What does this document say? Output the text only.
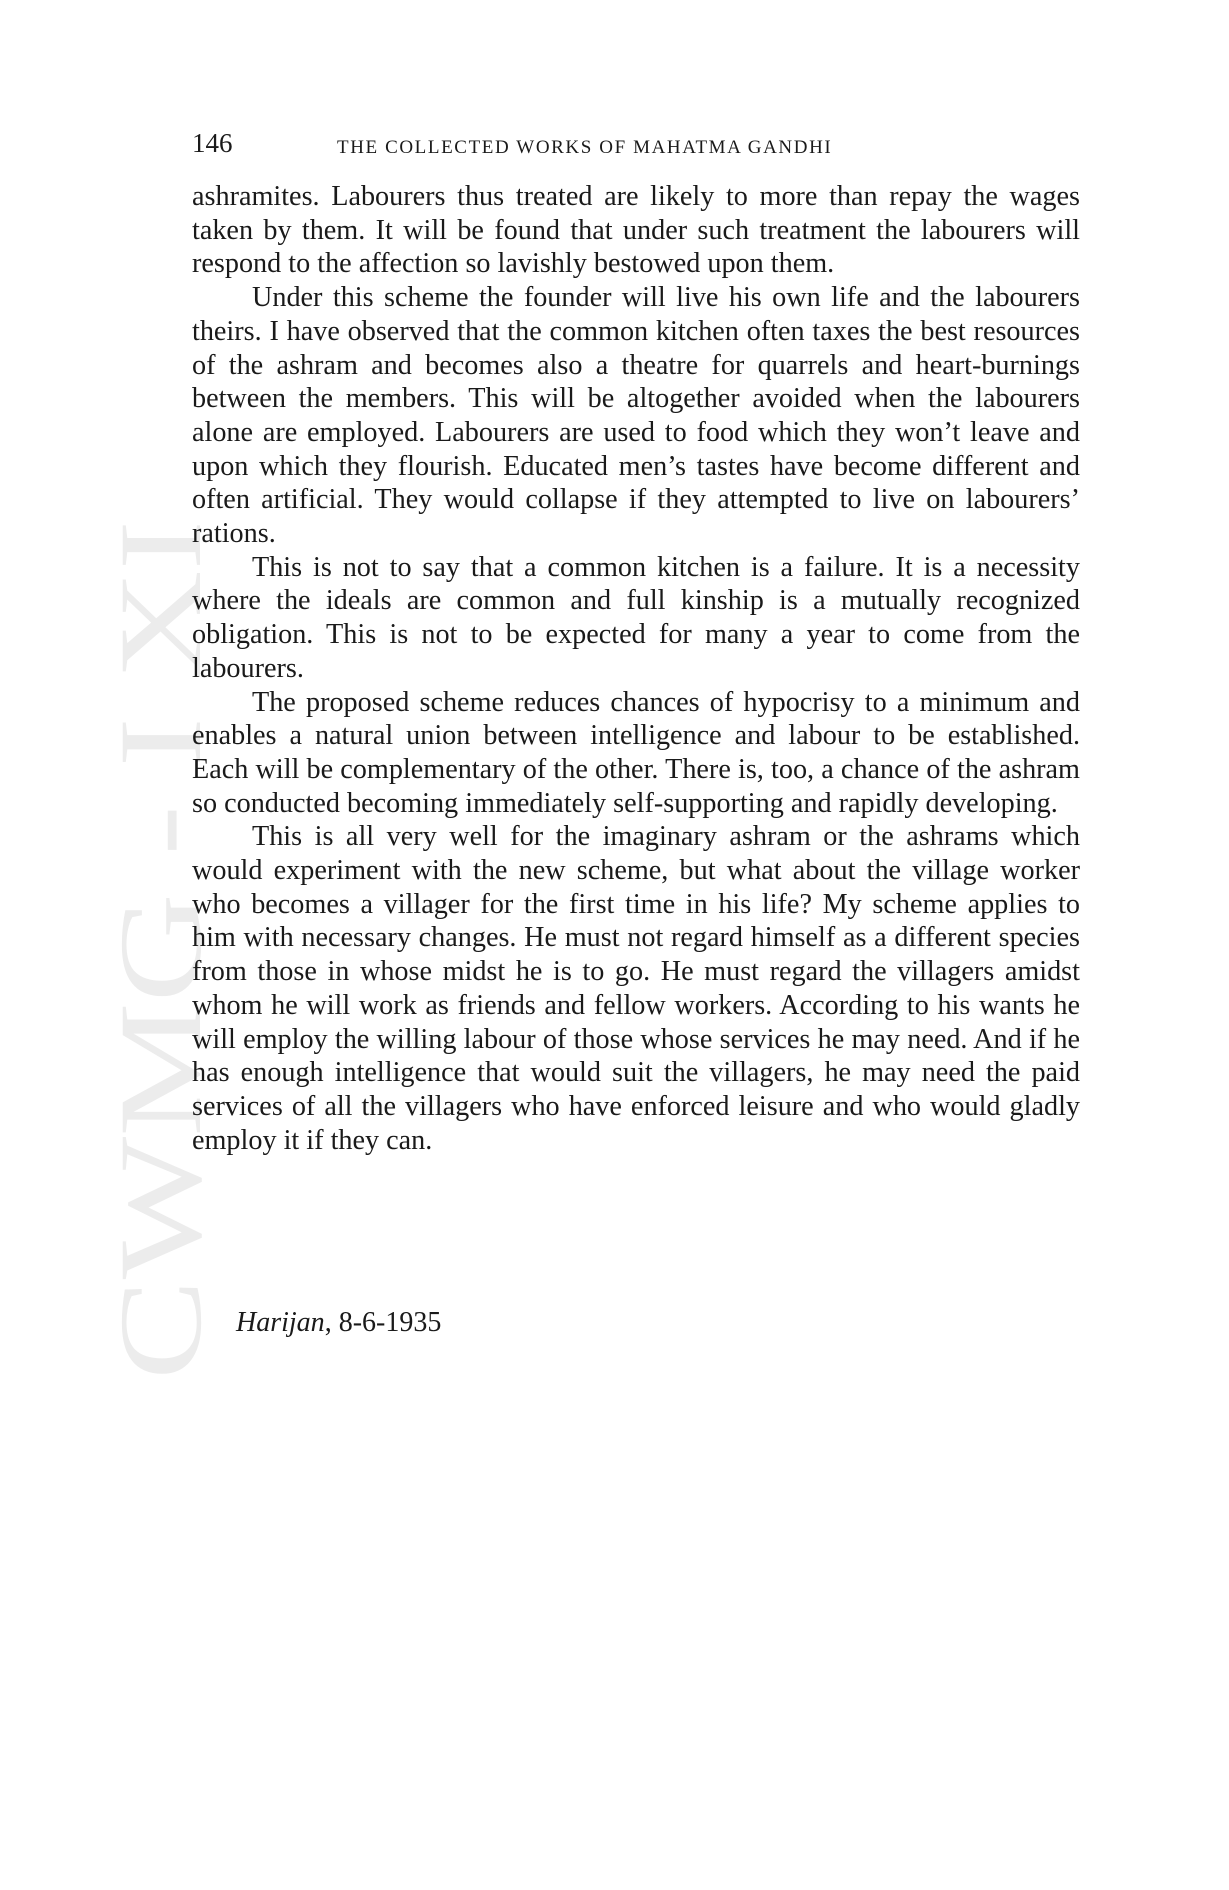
CWMG - I XI
146	THE COLLECTED WORKS OF MAHATMA GANDHI

ashramites. Labourers thus treated are likely to more than repay the wages taken by them. It will be found that under such treatment the labourers will respond to the affection so lavishly bestowed upon them.

Under this scheme the founder will live his own life and the labourers theirs. I have observed that the common kitchen often taxes the best resources of the ashram and becomes also a theatre for quarrels and heart-burnings between the members. This will be altogether avoided when the labourers alone are employed. Labourers are used to food which they won’t leave and upon which they flourish. Educated men’s tastes have become different and often artificial. They would collapse if they attempted to live on labourers’ rations.

This is not to say that a common kitchen is a failure. It is a necessity where the ideals are common and full kinship is a mutually recognized obligation. This is not to be expected for many a year to come from the labourers.

The proposed scheme reduces chances of hypocrisy to a minimum and enables a natural union between intelligence and labour to be established. Each will be complementary of the other. There is, too, a chance of the ashram so conducted becoming immediately self-supporting and rapidly developing.

This is all very well for the imaginary ashram or the ashrams which would experiment with the new scheme, but what about the village worker who becomes a villager for the first time in his life? My scheme applies to him with necessary changes. He must not regard himself as a different species from those in whose midst he is to go. He must regard the villagers amidst whom he will work as friends and fellow workers. According to his wants he will employ the willing labour of those whose services he may need. And if he has enough intelligence that would suit the villagers, he may need the paid services of all the villagers who have enforced leisure and who would gladly employ it if they can.

Harijan, 8-6-1935
